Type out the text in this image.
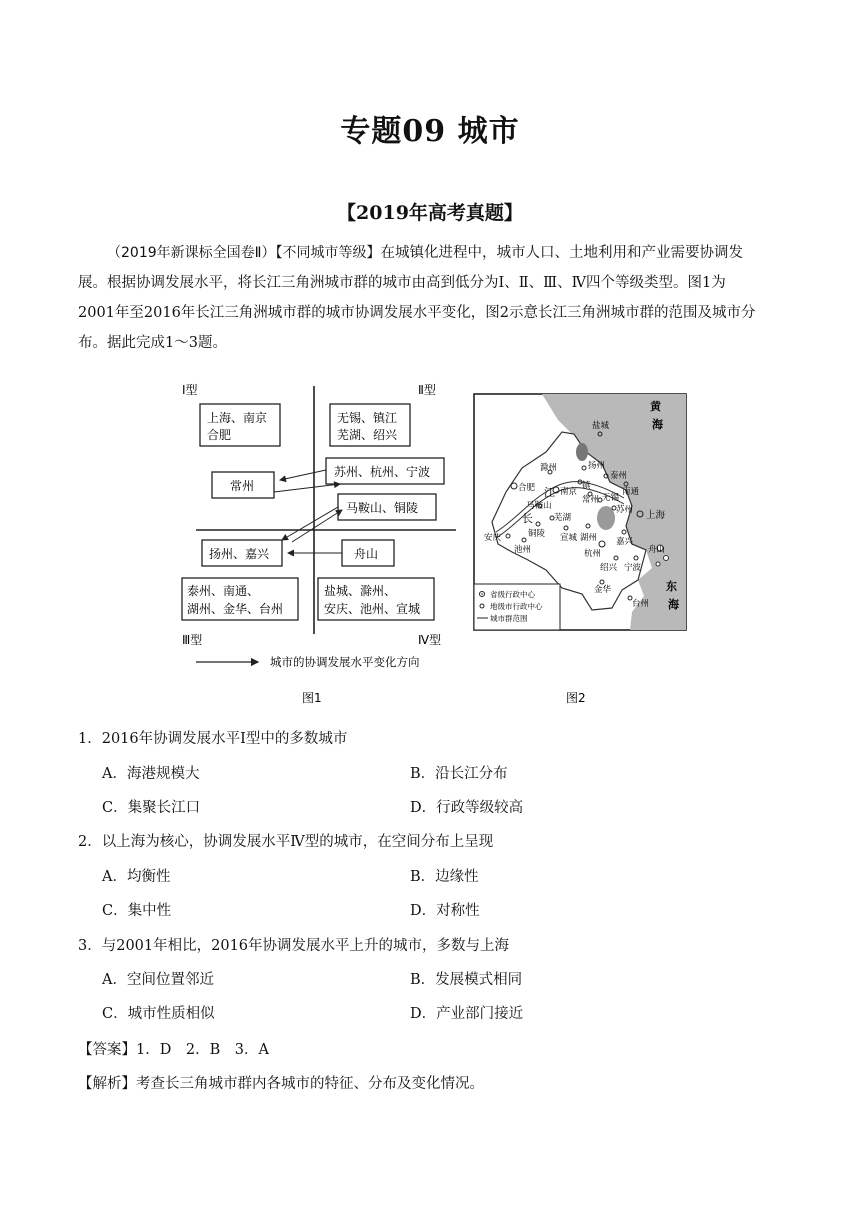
专题09 城市
【2019年高考真题】
（2019年新课标全国卷Ⅱ）【不同城市等级】在城镇化进程中，城市人口、土地利用和产业需要协调发
展。根据协调发展水平，将长江三角洲城市群的城市由高到低分为Ⅰ、Ⅱ、Ⅲ、Ⅳ四个等级类型。图1为
2001年至2016年长江三角洲城市群的城市协调发展水平变化，图2示意长江三角洲城市群的范围及城市分
布。据此完成1～3题。
Ⅰ型	Ⅱ型
Ⅲ型	Ⅳ型
上海、南京
合肥
无锡、镇江
芜湖、绍兴
常州
苏州、杭州、宁波
马鞍山、铜陵
扬州、嘉兴	舟山
泰州、南通、
湖州、金华、台州
盐城、滁州、
安庆、池州、宣城
城市的协调发展水平变化方向
图1
黄
海
东
海
江
长
盐城
滁州	扬州
泰州
合肥	南京
镇
常州
南通
无锡
苏州
马鞍山
芜湖	上海
铜陵 宣城 湖州 嘉兴
安庆
池州	杭州	舟山
绍兴 宁波
金华
台州
省级行政中心
地级市行政中心
城市群范围
图2
1．2016年协调发展水平Ⅰ型中的多数城市
A．海港规模大	B．沿长江分布
C．集聚长江口	D．行政等级较高
2．以上海为核心，协调发展水平Ⅳ型的城市，在空间分布上呈现
A．均衡性	B．边缘性
C．集中性	D．对称性
3．与2001年相比，2016年协调发展水平上升的城市，多数与上海
A．空间位置邻近	B．发展模式相同
C．城市性质相似	D．产业部门接近
【答案】1．D　2．B　3．A
【解析】考查长三角城市群内各城市的特征、分布及变化情况。
